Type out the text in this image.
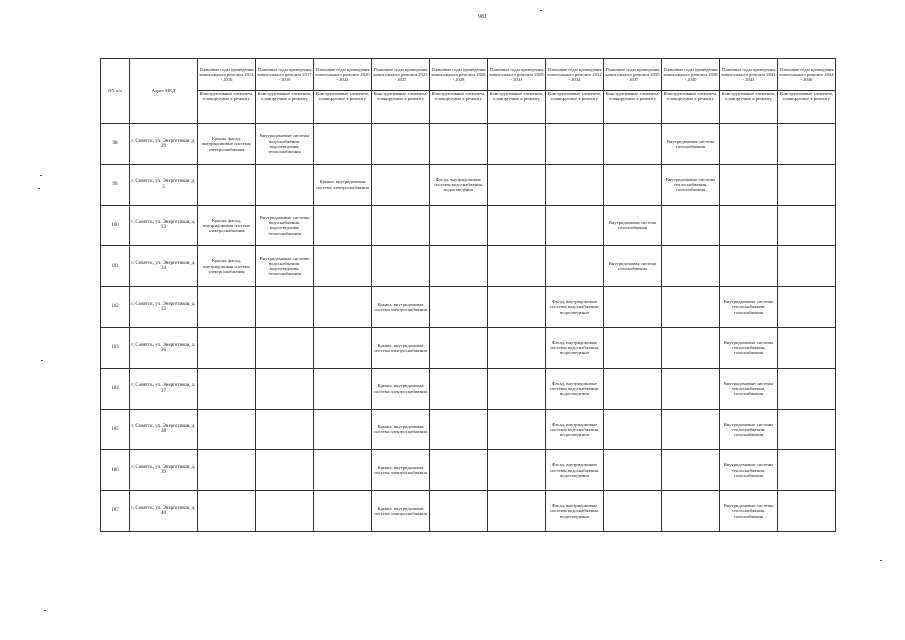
981
NN п/п	Адрес МКД	Плановые годы проведения капитального ремонта 2014 - 2016	Плановые годы проведения капитального ремонта 2017 - 2019	Плановые годы проведения капитального ремонта 2020 - 2022	Плановые годы проведения капитального ремонта 2023 - 2025	Плановые годы проведения капитального ремонта 2026 - 2028	Плановые годы проведения капитального ремонта 2029 - 2031	Плановые годы проведения капитального ремонта 2032 - 2034	Плановые годы проведения капитального ремонта 2035 - 2037	Плановые годы проведения капитального ремонта 2038 - 2040	Плановые годы проведения капитального ремонта 2041 - 2043	Плановые годы проведения капитального ремонта 2044 - 2046
		Конструктивные элементы, планируемые к ремонту	Конструктивные элементы, планируемые к ремонту	Конструктивные элементы, планируемые к ремонту	Конструктивные элементы, планируемые к ремонту	Конструктивные элементы, планируемые к ремонту	Конструктивные элементы, планируемые к ремонту	Конструктивные элементы, планируемые к ремонту	Конструктивные элементы, планируемые к ремонту	Конструктивные элементы, планируемые к ремонту	Конструктивные элементы, планируемые к ремонту	Конструктивные элементы, планируемые к ремонту
98	г. Советск, ул. Энергетиков, д. 29	Крыша, фасад, внутридомовые системы электроснабжения	Внутридомовые системы водоснабжения, водоотведения, теплоснабжения							Внутридомовая система газоснабжения		
99	г. Советск, ул. Энергетиков, д. 3			Крыша, внутридомовая система электроснабжения		Фасад, внутридомовые системы водоснабжения, водоотведения				Внутридомовые системы теплоснабжения, газоснабжения		
100	г. Советск, ул. Энергетиков, д. 33	Крыша, фасад, внутридомовая система электроснабжения	Внутридомовые системы водоснабжения, водоотведения, теплоснабжения						Внутридомовая система газоснабжения			
101	г. Советск, ул. Энергетиков, д. 34	Крыша, фасад, внутридомовая система электроснабжения	Внутридомовые системы водоснабжения, водоотведения, теплоснабжения						Внутридомовая система газоснабжения			
102	г. Советск, ул. Энергетиков, д. 35				Крыша, внутридомовая система электроснабжения			Фасад, внутридомовые системы водоснабжения, водоотведения			Внутридомовые системы теплоснабжения, газоснабжения	
103	г. Советск, ул. Энергетиков, д. 36				Крыша, внутридомовая система электроснабжения			Фасад, внутридомовые системы водоснабжения, водоотведения			Внутридомовые системы теплоснабжения, газоснабжения	
104	г. Советск, ул. Энергетиков, д. 37				Крыша, внутридомовая система электроснабжения			Фасад, внутридомовые системы водоснабжения, водоотведения			Внутридомовые системы теплоснабжения, газоснабжения	
105	г. Советск, ул. Энергетиков, д. 38				Крыша, внутридомовая система электроснабжения			Фасад, внутридомовые системы водоснабжения, водоотведения			Внутридомовые системы теплоснабжения, газоснабжения	
106	г. Советск, ул. Энергетиков, д. 39				Крыша, внутридомовая система электроснабжения			Фасад, внутридомовые системы водоснабжения, водоотведения			Внутридомовые системы теплоснабжения, газоснабжения	
107	г. Советск, ул. Энергетиков, д. 40				Крыша, внутридомовая система электроснабжения			Фасад, внутридомовые системы водоснабжения, водоотведения			Внутридомовые системы теплоснабжения, газоснабжения	
